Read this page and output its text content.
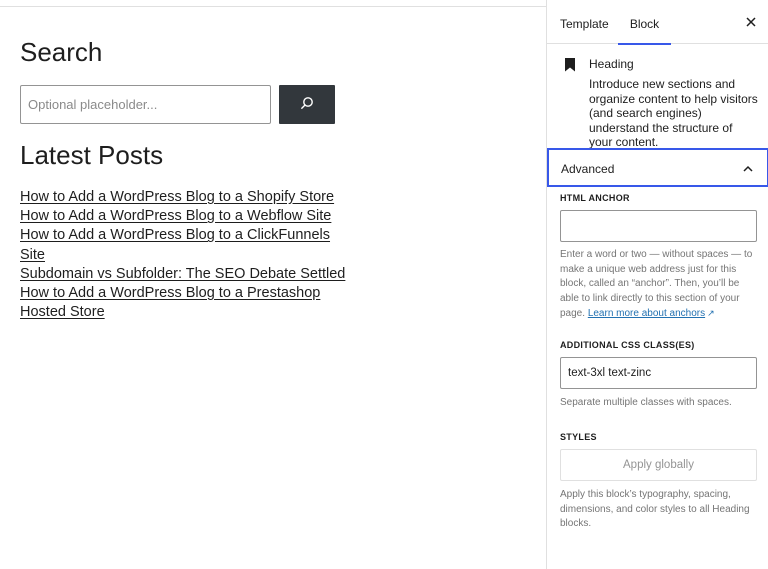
Search
Optional placeholder...
Latest Posts
How to Add a WordPress Blog to a Shopify Store
How to Add a WordPress Blog to a Webflow Site
How to Add a WordPress Blog to a ClickFunnels Site
Subdomain vs Subfolder: The SEO Debate Settled
How to Add a WordPress Blog to a Prestashop Hosted Store
Template	Block
Heading

Introduce new sections and organize content to help visitors (and search engines) understand the structure of your content.

Advanced
HTML ANCHOR

Enter a word or two — without spaces — to make a unique web address just for this block, called an “anchor”. Then, you’ll be able to link directly to this section of your page. Learn more about anchors ↗

ADDITIONAL CSS CLASS(ES)
text-3xl text-zinc

Separate multiple classes with spaces.

STYLES
Apply globally

Apply this block’s typography, spacing, dimensions, and color styles to all Heading blocks.
